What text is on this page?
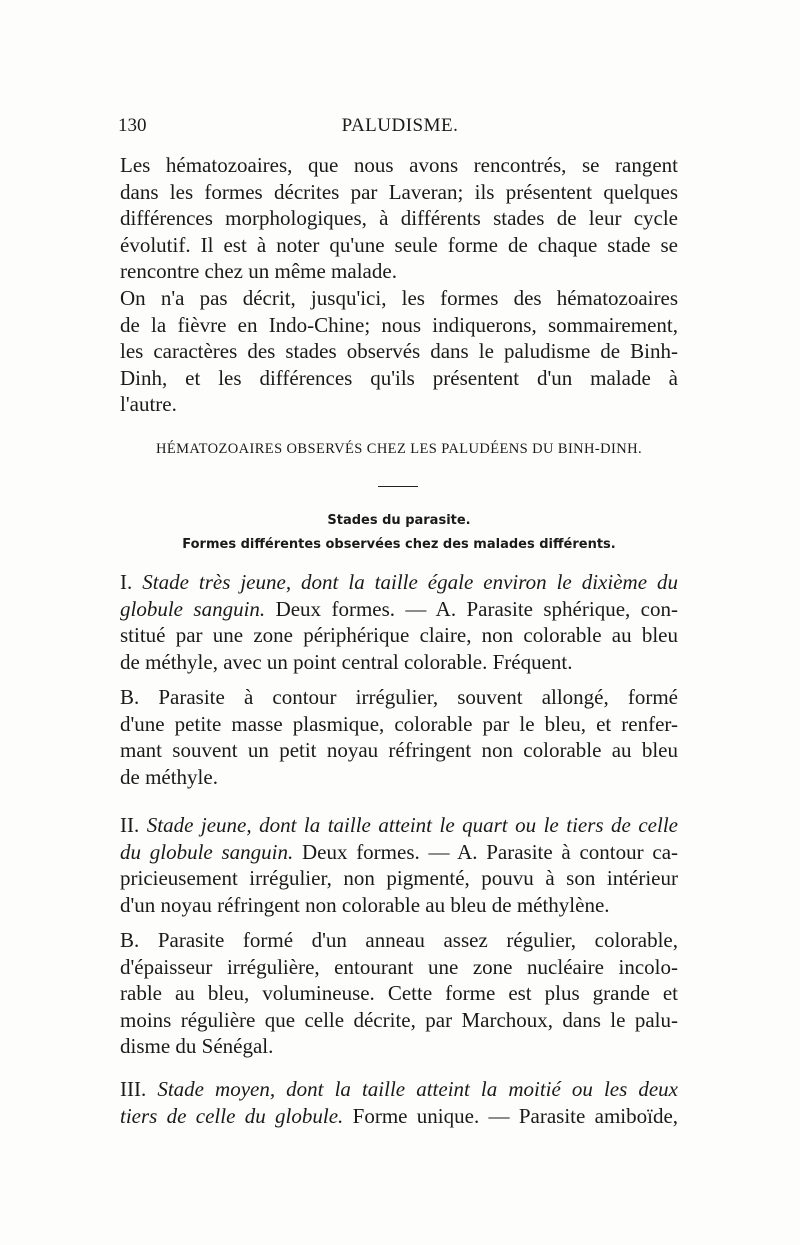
130	PALUDISME.
Les hématozoaires, que nous avons rencontrés, se rangent
dans les formes décrites par Laveran; ils présentent quelques
différences morphologiques, à différents stades de leur cycle
évolutif. Il est à noter qu'une seule forme de chaque stade se
rencontre chez un même malade.
On n'a pas décrit, jusqu'ici, les formes des hématozoaires
de la fièvre en Indo-Chine; nous indiquerons, sommairement,
les caractères des stades observés dans le paludisme de Binh-
Dinh, et les différences qu'ils présentent d'un malade à
l'autre.
HÉMATOZOAIRES OBSERVÉS CHEZ LES PALUDÉENS DU BINH-DINH.
Stades du parasite.
Formes différentes observées chez des malades différents.
I. Stade très jeune, dont la taille égale environ le dixième du
globule sanguin. Deux formes. — A. Parasite sphérique, con-
stitué par une zone périphérique claire, non colorable au bleu
de méthyle, avec un point central colorable. Fréquent.
B. Parasite à contour irrégulier, souvent allongé, formé
d'une petite masse plasmique, colorable par le bleu, et renfer-
mant souvent un petit noyau réfringent non colorable au bleu
de méthyle.
II. Stade jeune, dont la taille atteint le quart ou le tiers de celle
du globule sanguin. Deux formes. — A. Parasite à contour ca-
pricieusement irrégulier, non pigmenté, pouvu à son intérieur
d'un noyau réfringent non colorable au bleu de méthylène.
B. Parasite formé d'un anneau assez régulier, colorable,
d'épaisseur irrégulière, entourant une zone nucléaire incolo-
rable au bleu, volumineuse. Cette forme est plus grande et
moins régulière que celle décrite, par Marchoux, dans le palu-
disme du Sénégal.
III. Stade moyen, dont la taille atteint la moitié ou les deux
tiers de celle du globule. Forme unique. — Parasite amiboïde,
